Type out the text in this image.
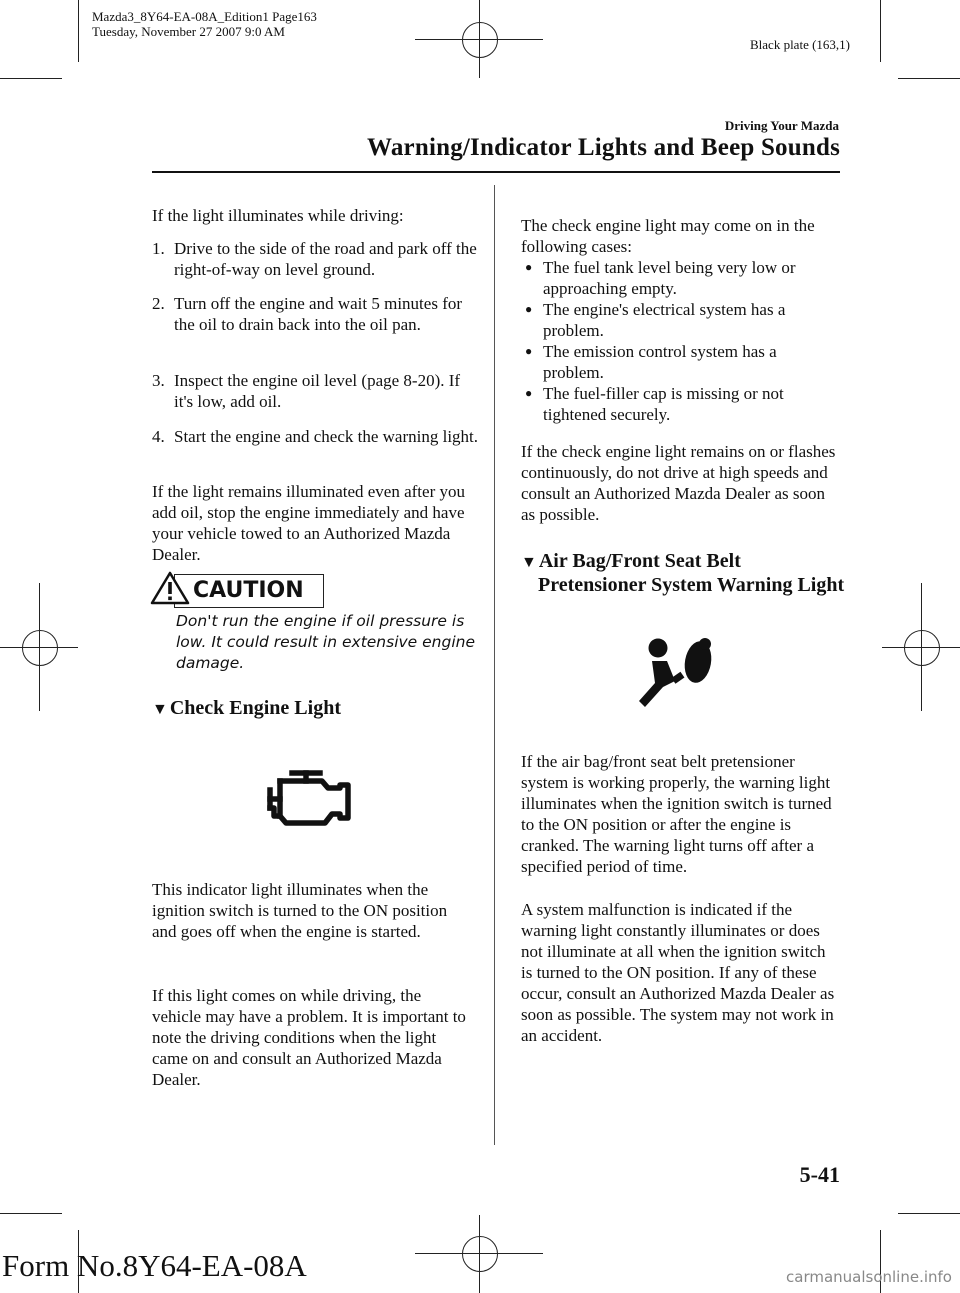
Mazda3_8Y64-EA-08A_Edition1 Page163
Tuesday, November 27 2007 9:0 AM
Black plate (163,1)
Driving Your Mazda
Warning/Indicator Lights and Beep Sounds

If the light illuminates while driving:

1. Drive to the side of the road and park off the right-of-way on level ground.
2. Turn off the engine and wait 5 minutes for the oil to drain back into the oil pan.
3. Inspect the engine oil level (page 8-20). If it's low, add oil.
4. Start the engine and check the warning light.

If the light remains illuminated even after you add oil, stop the engine immediately and have your vehicle towed to an Authorized Mazda Dealer.

CAUTION
Don't run the engine if oil pressure is low. It could result in extensive engine damage.
▼ Check Engine Light

This indicator light illuminates when the ignition switch is turned to the ON position and goes off when the engine is started.

If this light comes on while driving, the vehicle may have a problem. It is important to note the driving conditions when the light came on and consult an Authorized Mazda Dealer.

The check engine light may come on in the following cases:

● The fuel tank level being very low or approaching empty.
● The engine's electrical system has a problem.
● The emission control system has a problem.
● The fuel-filler cap is missing or not tightened securely.

If the check engine light remains on or flashes continuously, do not drive at high speeds and consult an Authorized Mazda Dealer as soon as possible.

▼ Air Bag/Front Seat Belt
Pretensioner System Warning Light

If the air bag/front seat belt pretensioner system is working properly, the warning light illuminates when the ignition switch is turned to the ON position or after the engine is cranked. The warning light turns off after a specified period of time.

A system malfunction is indicated if the warning light constantly illuminates or does not illuminate at all when the ignition switch is turned to the ON position. If any of these occur, consult an Authorized Mazda Dealer as soon as possible. The system may not work in an accident.

5-41
Form No.8Y64-EA-08A	carmanualsonline.info
